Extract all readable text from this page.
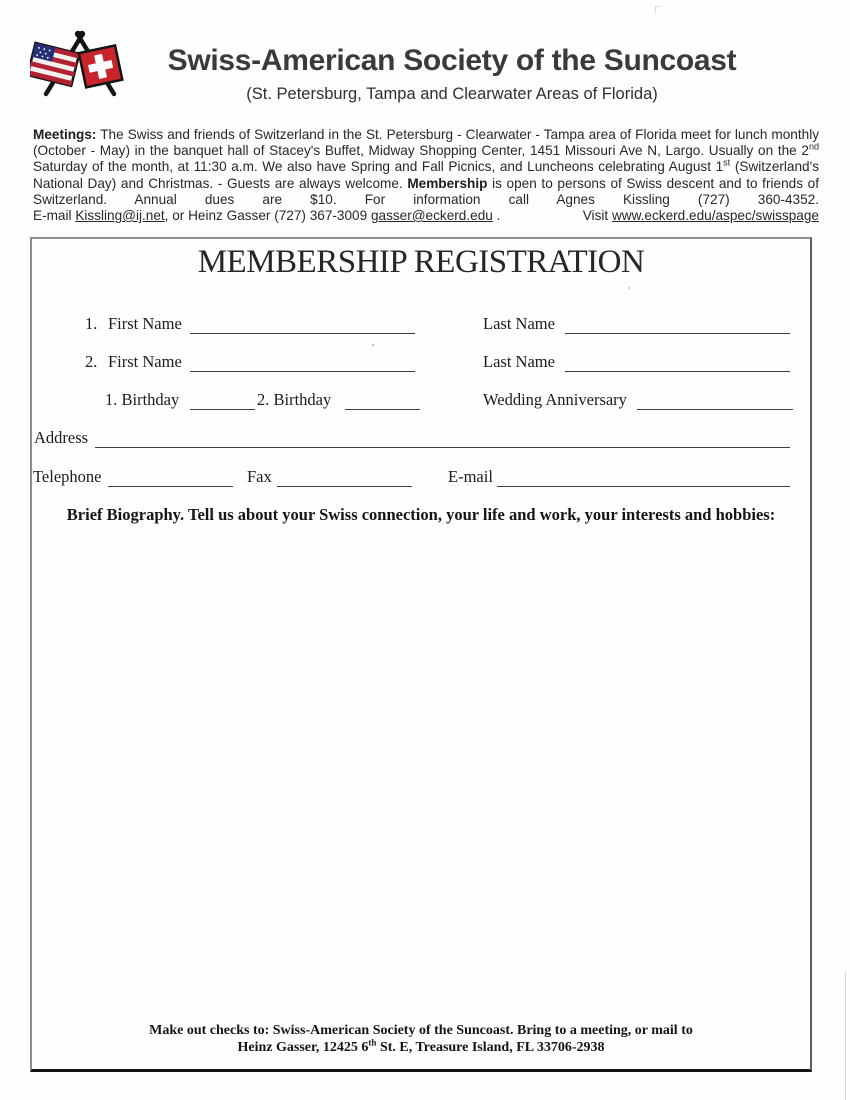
Swiss-American Society of the Suncoast
(St. Petersburg, Tampa and Clearwater Areas of Florida)
Meetings: The Swiss and friends of Switzerland in the St. Petersburg - Clearwater - Tampa area of Florida meet for lunch monthly (October - May) in the banquet hall of Stacey's Buffet, Midway Shopping Center, 1451 Missouri Ave N, Largo. Usually on the 2nd Saturday of the month, at 11:30 a.m. We also have Spring and Fall Picnics, and Luncheons celebrating August 1st (Switzerland's National Day) and Christmas. - Guests are always welcome. Membership is open to persons of Swiss descent and to friends of Switzerland. Annual dues are $10. For information call Agnes Kissling (727) 360-4352.
E-mail Kissling@ij.net, or Heinz Gasser (727) 367-3009 gasser@eckerd.edu .	Visit www.eckerd.edu/aspec/swisspage
MEMBERSHIP REGISTRATION
1. First Name	Last Name
2. First Name	Last Name
1. Birthday	2. Birthday	Wedding Anniversary
Address
Telephone	Fax	E-mail
Brief Biography. Tell us about your Swiss connection, your life and work, your interests and hobbies:
Make out checks to: Swiss-American Society of the Suncoast. Bring to a meeting, or mail to
Heinz Gasser, 12425 6th St. E, Treasure Island, FL 33706-2938
